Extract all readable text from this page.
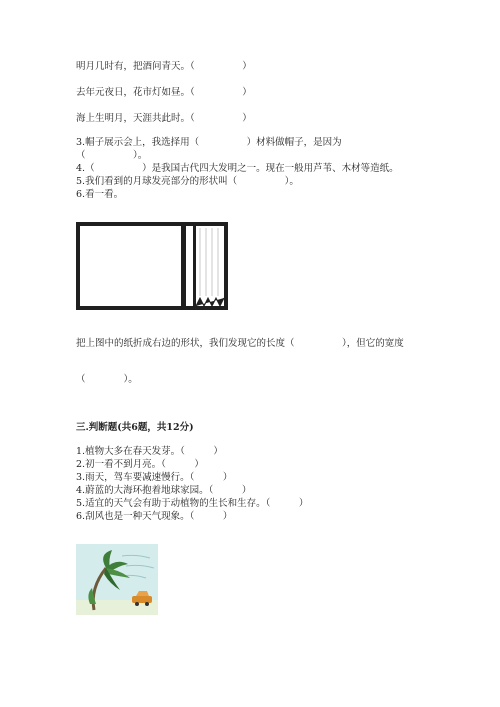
明月几时有，把酒问青天。（　　　　　）
去年元夜日，花市灯如昼。（　　　　　）
海上生明月，天涯共此时。（　　　　　）
3.帽子展示会上，我选择用（　　　　　）材料做帽子，是因为
（　　　　　）。
4.（　　　　　）是我国古代四大发明之一。现在一般用芦苇、木材等造纸。
5.我们看到的月球发亮部分的形状叫（　　　　　）。
6.看一看。
把上图中的纸折成右边的形状，我们发现它的长度（　　　　　），但它的宽度
（　　　　）。
三.判断题(共6题，共12分)
1.植物大多在春天发芽。（　　　）
2.初一看不到月亮。（　　　）
3.雨天，驾车要减速慢行。（　　　）
4.蔚蓝的大海环抱着地球家园。（　　　）
5.适宜的天气会有助于动植物的生长和生存。（　　　）
6.刮风也是一种天气现象。（　　　）
